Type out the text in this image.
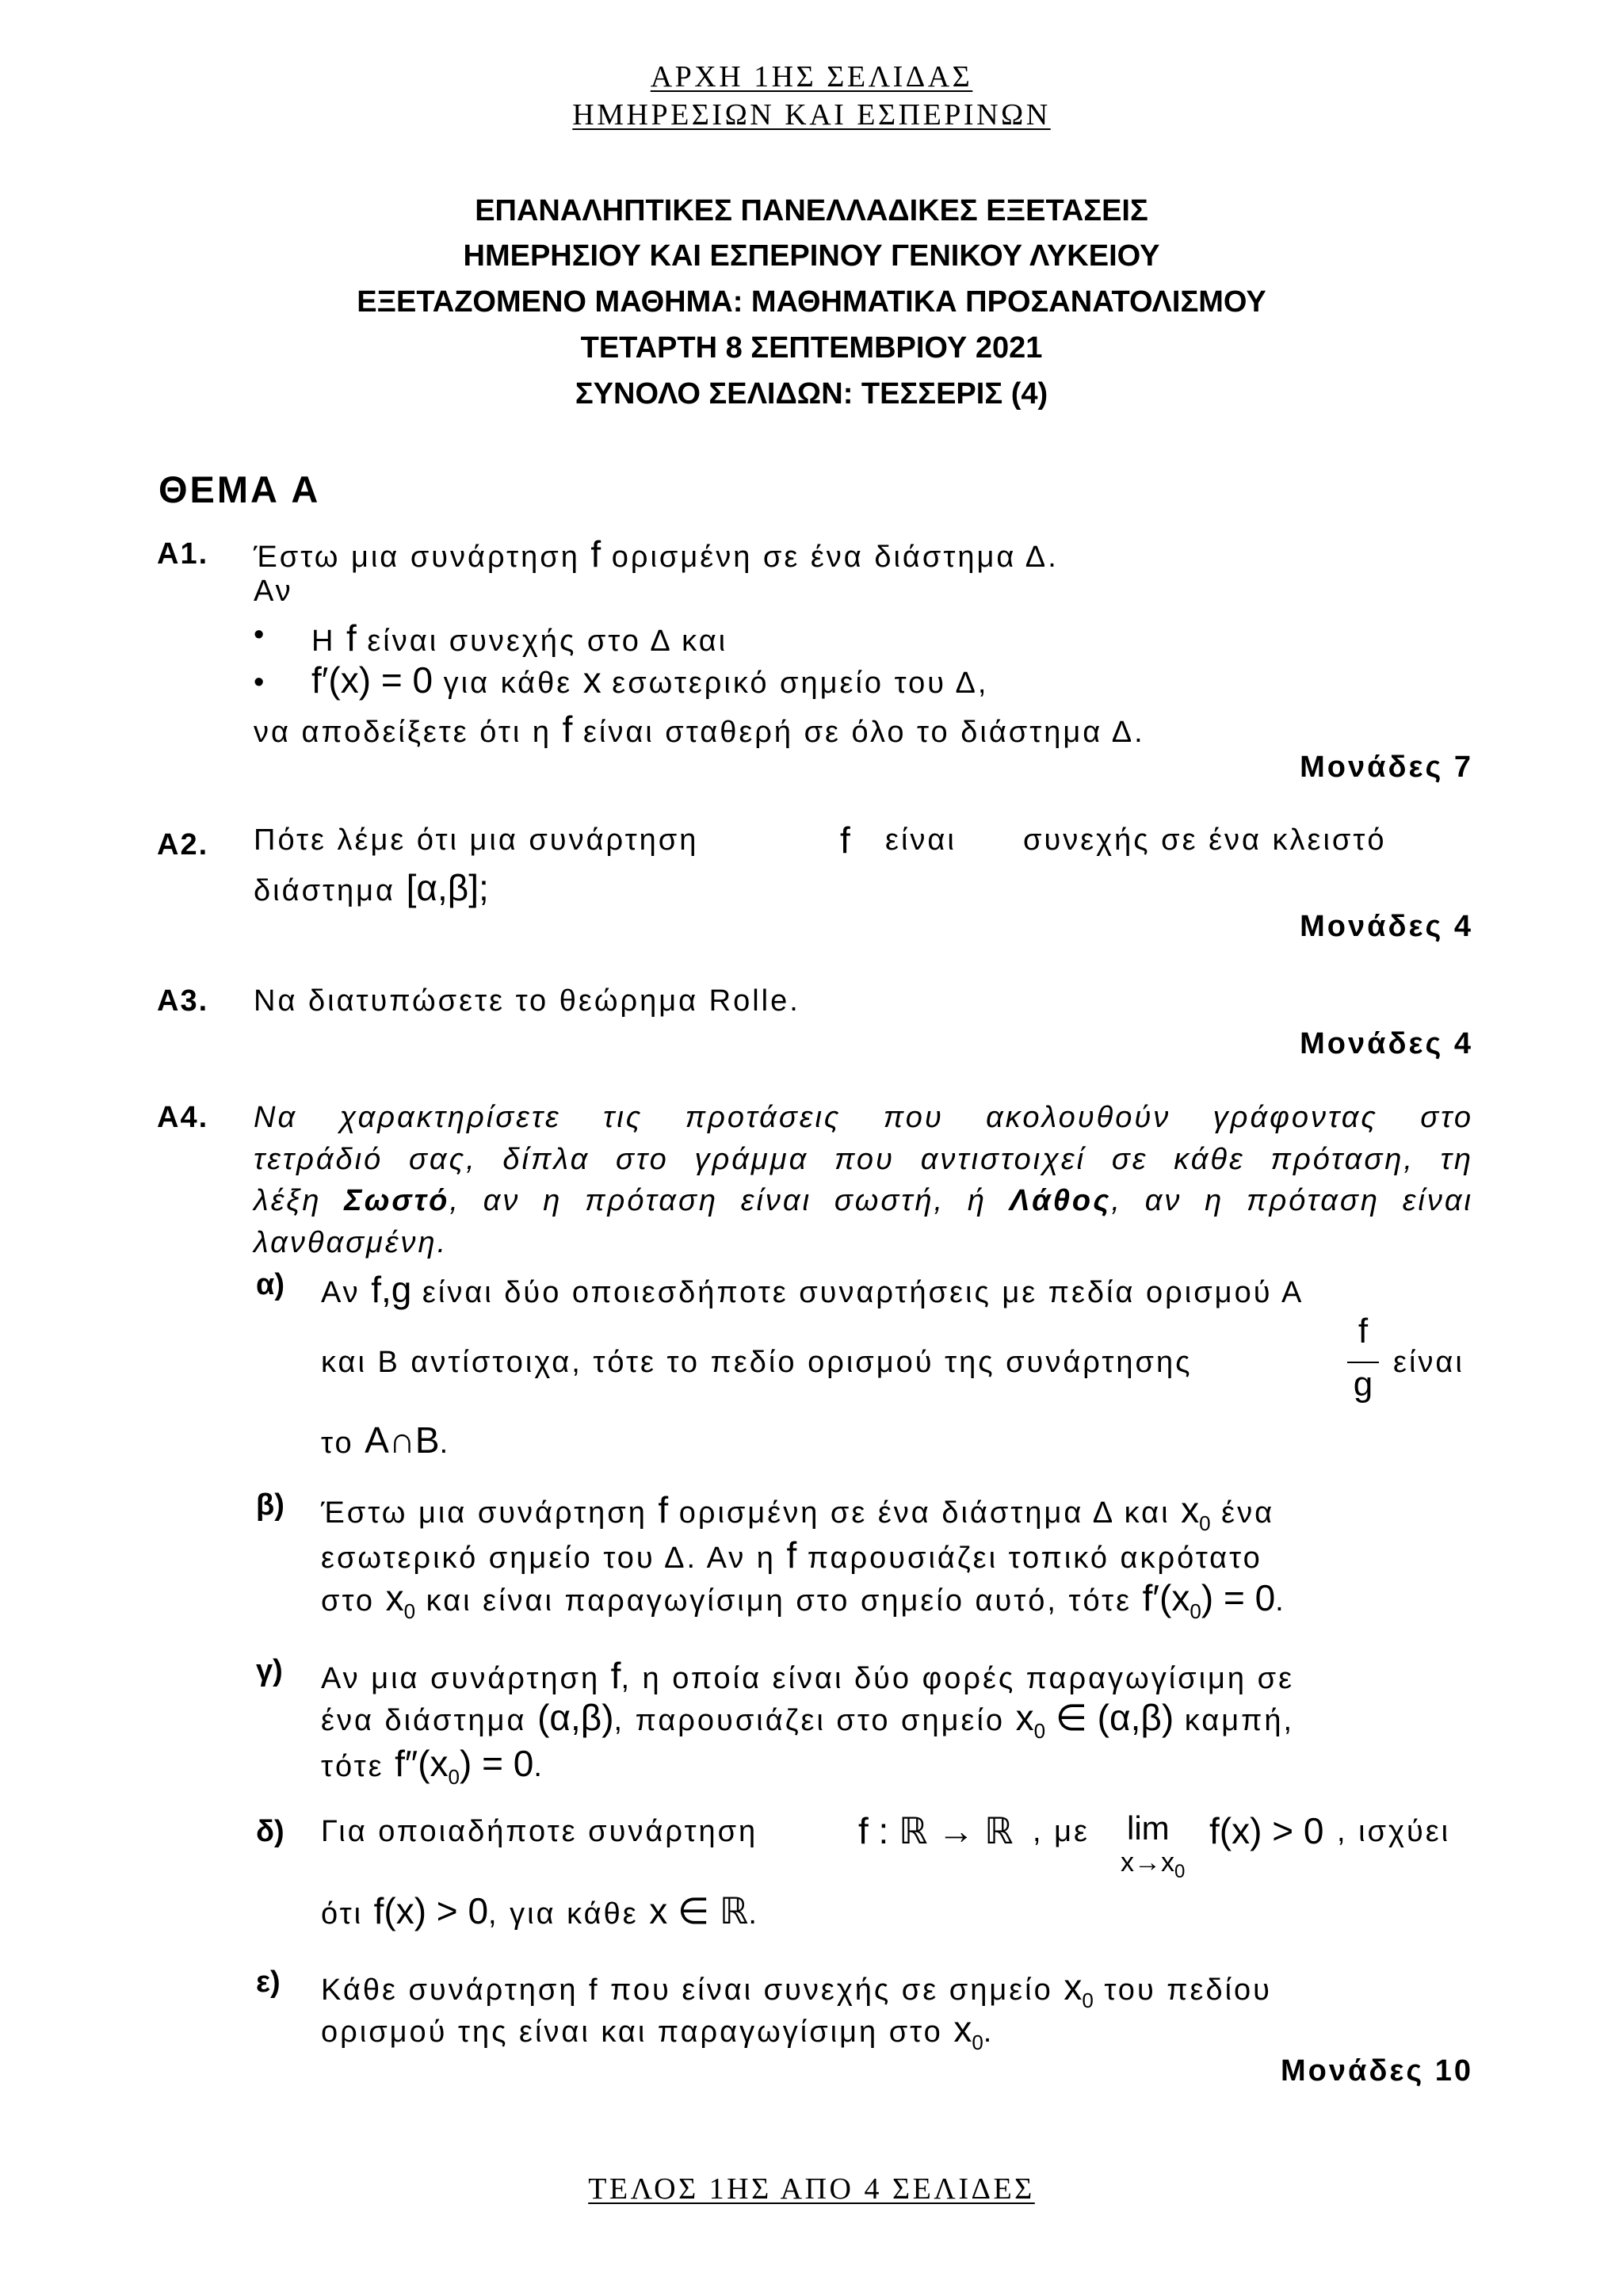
ΑΡΧΗ 1ΗΣ ΣΕΛΙΔΑΣ
ΗΜΗΡΕΣΙΩΝ ΚΑΙ ΕΣΠΕΡΙΝΩΝ
ΕΠΑΝΑΛΗΠΤΙΚΕΣ ΠΑΝΕΛΛΑΔΙΚΕΣ ΕΞΕΤΑΣΕΙΣ
ΗΜΕΡΗΣΙΟΥ ΚΑΙ ΕΣΠΕΡΙΝΟΥ ΓΕΝΙΚΟΥ ΛΥΚΕΙΟΥ
ΕΞΕΤΑΖΟΜΕΝΟ ΜΑΘΗΜΑ: ΜΑΘΗΜΑΤΙΚΑ ΠΡΟΣΑΝΑΤΟΛΙΣΜΟΥ
ΤΕΤΑΡΤΗ 8 ΣΕΠΤΕΜΒΡΙΟΥ 2021
ΣΥΝΟΛΟ ΣΕΛΙΔΩΝ: ΤΕΣΣΕΡΙΣ (4)
ΘΕΜΑ Α
Α1. Έστω μια συνάρτηση f ορισμένη σε ένα διάστημα Δ.
Αν
• Η f είναι συνεχής στο Δ και
• f′(x) = 0 για κάθε x εσωτερικό σημείο του Δ,
να αποδείξετε ότι η f είναι σταθερή σε όλο το διάστημα Δ.
Μονάδες 7
Α2. Πότε λέμε ότι μια συνάρτηση	f είναι συνεχής σε ένα κλειστό
διάστημα [α,β];
Μονάδες 4
Α3. Να διατυπώσετε το θεώρημα Rolle.
Μονάδες 4
Α4. Να χαρακτηρίσετε τις προτάσεις που ακολουθούν γράφοντας στο
τετράδιό σας, δίπλα στο γράμμα που αντιστοιχεί σε κάθε πρόταση, τη
λέξη Σωστό, αν η πρόταση είναι σωστή, ή Λάθος, αν η πρόταση είναι
λανθασμένη.
α) Αν f,g είναι δύο οποιεσδήποτε συναρτήσεις με πεδία ορισμού Α
και Β αντίστοιχα, τότε το πεδίο ορισμού της συνάρτησης
f
g
είναι
το A∩B.
β) Έστω μια συνάρτηση f ορισμένη σε ένα διάστημα Δ και $x_0$ ένα
εσωτερικό σημείο του Δ. Αν η f παρουσιάζει τοπικό ακρότατο
στο $x_0$ και είναι παραγωγίσιμη στο σημείο αυτό, τότε $f'(x_0) = 0$.
γ) Αν μια συνάρτηση f, η οποία είναι δύο φορές παραγωγίσιμη σε
ένα διάστημα (α,β), παρουσιάζει στο σημείο $x_0$ ∈ (α,β) καμπή,
τότε $f''(x_0) = 0$.
δ) Για οποιαδήποτε συνάρτηση	f : ℝ → ℝ , με lim
$x\to x_0$
f(x) > 0 , ισχύει
ότι f(x) > 0, για κάθε x ∈ ℝ.
ε) Κάθε συνάρτηση f που είναι συνεχής σε σημείο $x_0$ του πεδίου
ορισμού της είναι και παραγωγίσιμη στο $x_0$.
Μονάδες 10
ΤΕΛΟΣ 1ΗΣ ΑΠΟ 4 ΣΕΛΙΔΕΣ
